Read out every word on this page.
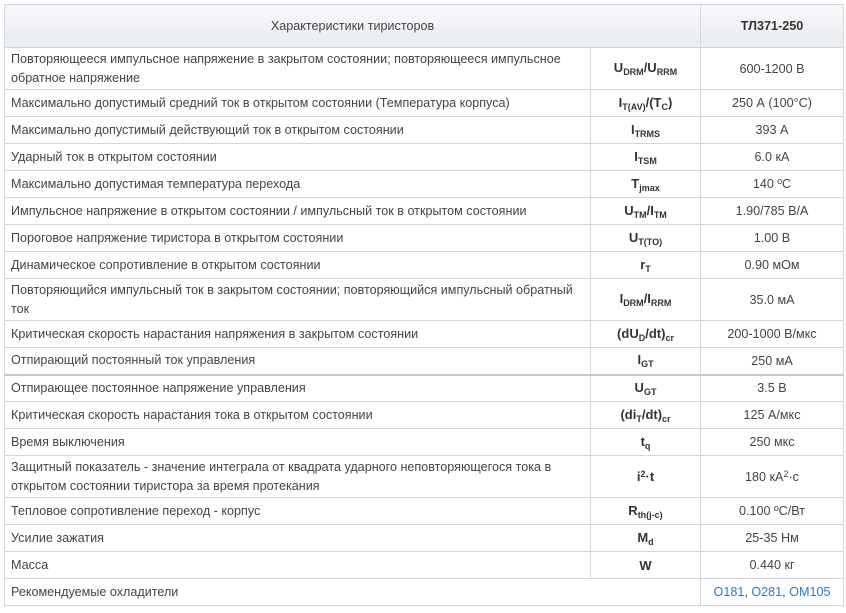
Характеристики тиристоров		ТЛ371-250
Повторяющееся импульсное напряжение в закрытом состоянии; повторяющееся импульсное обратное напряжение	$U_{DRM}/U_{RRM}$	600-1200 В
Максимально допустимый средний ток в открытом состоянии (Температура корпуса)	$I_{T(AV)}/(T_C)$	250 А (100°C)
Максимально допустимый действующий ток в открытом состоянии	$I_{TRMS}$	393 А
Ударный ток в открытом состоянии	$I_{TSM}$	6.0 кА
Максимально допустимая температура перехода	$T_{jmax}$	140 ºC
Импульсное напряжение в открытом состоянии / импульсный ток в открытом состоянии	$U_{TM}/I_{TM}$	1.90/785 В/А
Пороговое напряжение тиристора в открытом состоянии	$U_{T(TO)}$	1.00 В
Динамическое сопротивление в открытом состоянии	$r_T$	0.90 мОм
Повторяющийся импульсный ток в закрытом состоянии; повторяющийся импульсный обратный ток	$I_{DRM}/I_{RRM}$	35.0 мА
Критическая скорость нарастания напряжения в закрытом состоянии	$(dU_D/dt)_{cr}$	200-1000 В/мкс
Отпирающий постоянный ток управления	$I_{GT}$	250 мА
Отпирающее постоянное напряжение управления	$U_{GT}$	3.5 В
Критическая скорость нарастания тока в открытом состоянии	$(di_T/dt)_{cr}$	125 А/мкс
Время выключения	$t_q$	250 мкс
Защитный показатель - значение интеграла от квадрата ударного неповторяющегося тока в открытом состоянии тиристора за время протекания	$i^2\cdot t$	180 $кА^2\cdot с$
Тепловое сопротивление переход - корпус	$R_{th(j-c)}$	0.100 ºC/Вт
Усилие зажатия	$M_d$	25-35 Нм
Масса	W	0.440 кг
Рекомендуемые охладители		О181, О281, ОМ105
